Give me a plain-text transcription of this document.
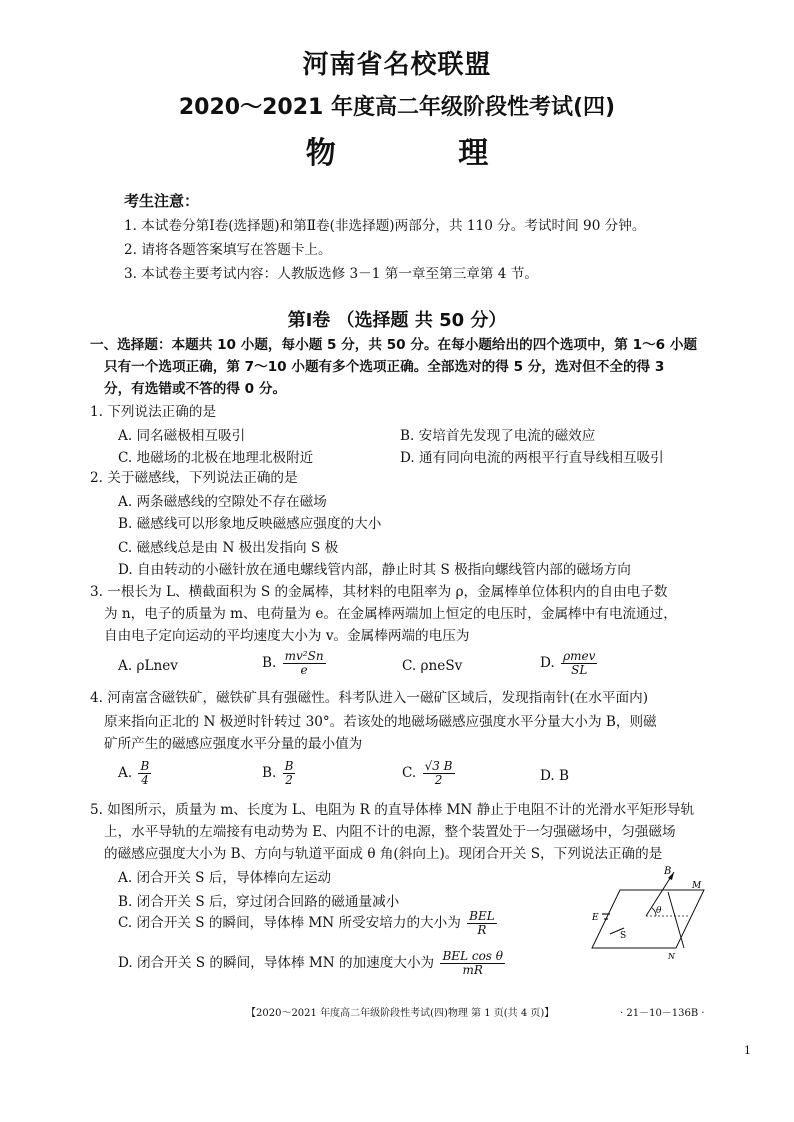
河南省名校联盟
2020～2021 年度高二年级阶段性考试(四)
物 理
考生注意：
1. 本试卷分第Ⅰ卷(选择题)和第Ⅱ卷(非选择题)两部分，共 110 分。考试时间 90 分钟。
2. 请将各题答案填写在答题卡上。
3. 本试卷主要考试内容：人教版选修 3－1 第一章至第三章第 4 节。
第Ⅰ卷 （选择题 共 50 分）
一、选择题：本题共 10 小题，每小题 5 分，共 50 分。在每小题给出的四个选项中，第 1～6 小题
只有一个选项正确，第 7～10 小题有多个选项正确。全部选对的得 5 分，选对但不全的得 3
分，有选错或不答的得 0 分。
1. 下列说法正确的是
A. 同名磁极相互吸引	B. 安培首先发现了电流的磁效应
C. 地磁场的北极在地理北极附近	D. 通有同向电流的两根平行直导线相互吸引
2. 关于磁感线，下列说法正确的是
A. 两条磁感线的空隙处不存在磁场
B. 磁感线可以形象地反映磁感应强度的大小
C. 磁感线总是由 N 极出发指向 S 极
D. 自由转动的小磁针放在通电螺线管内部，静止时其 S 极指向螺线管内部的磁场方向
3. 一根长为 L、横截面积为 S 的金属棒，其材料的电阻率为 ρ，金属棒单位体积内的自由电子数
为 n，电子的质量为 m、电荷量为 e。在金属棒两端加上恒定的电压时，金属棒中有电流通过，
自由电子定向运动的平均速度大小为 v。金属棒两端的电压为
A. ρLnev	B. $\frac{\text{mv²Sn}}{e}$	C. ρneSv	D. $\frac{\text{ρmev}}{SL}$
4. 河南富含磁铁矿，磁铁矿具有强磁性。科考队进入一磁矿区域后，发现指南针(在水平面内)
原来指向正北的 N 极逆时针转过 30°。若该处的地磁场磁感应强度水平分量大小为 B，则磁
矿所产生的磁感应强度水平分量的最小值为
A. $\frac{B}{4}$	B. $\frac{B}{2}$	C. $\frac{√3 B}{2}$	D. B
5. 如图所示，质量为 m、长度为 L、电阻为 R 的直导体棒 MN 静止于电阻不计的光滑水平矩形导轨
上，水平导轨的左端接有电动势为 E、内阻不计的电源，整个装置处于一匀强磁场中，匀强磁场
的磁感应强度大小为 B、方向与轨道平面成 θ 角(斜向上)。现闭合开关 S，下列说法正确的是
A. 闭合开关 S 后，导体棒向左运动
B. 闭合开关 S 后，穿过闭合回路的磁通量减小
C. 闭合开关 S 的瞬间，导体棒 MN 所受安培力的大小为 $\frac{\text{BEL}}{R}$
D. 闭合开关 S 的瞬间，导体棒 MN 的加速度大小为 $\frac{\text{BEL cos θ}}{mR}$
B
M
N
E
S
θ
【2020～2021 年度高二年级阶段性考试(四)物理 第 1 页(共 4 页)】	· 21－10－136B ·
1
